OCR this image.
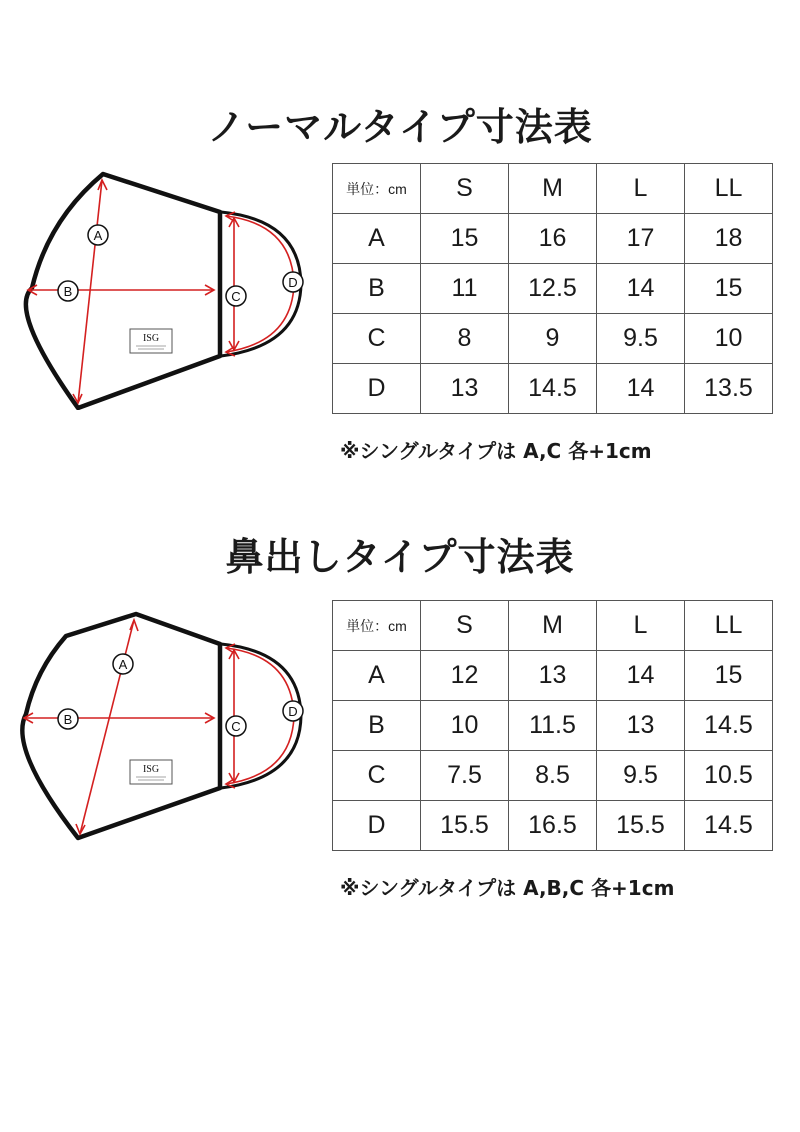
ノーマルタイプ寸法表
A
B	C
D
ISG
単位：cm	S	M	L	LL
A	15	16	17	18
B	11	12.5	14	15
C	8	9	9.5	10
D	13	14.5	14	13.5
※シングルタイプは A,C 各+1cm
鼻出しタイプ寸法表
A
B	C
D
ISG
単位：cm	S	M	L	LL
A	12	13	14	15
B	10	11.5	13	14.5
C	7.5	8.5	9.5	10.5
D	15.5	16.5	15.5	14.5
※シングルタイプは A,B,C 各+1cm
